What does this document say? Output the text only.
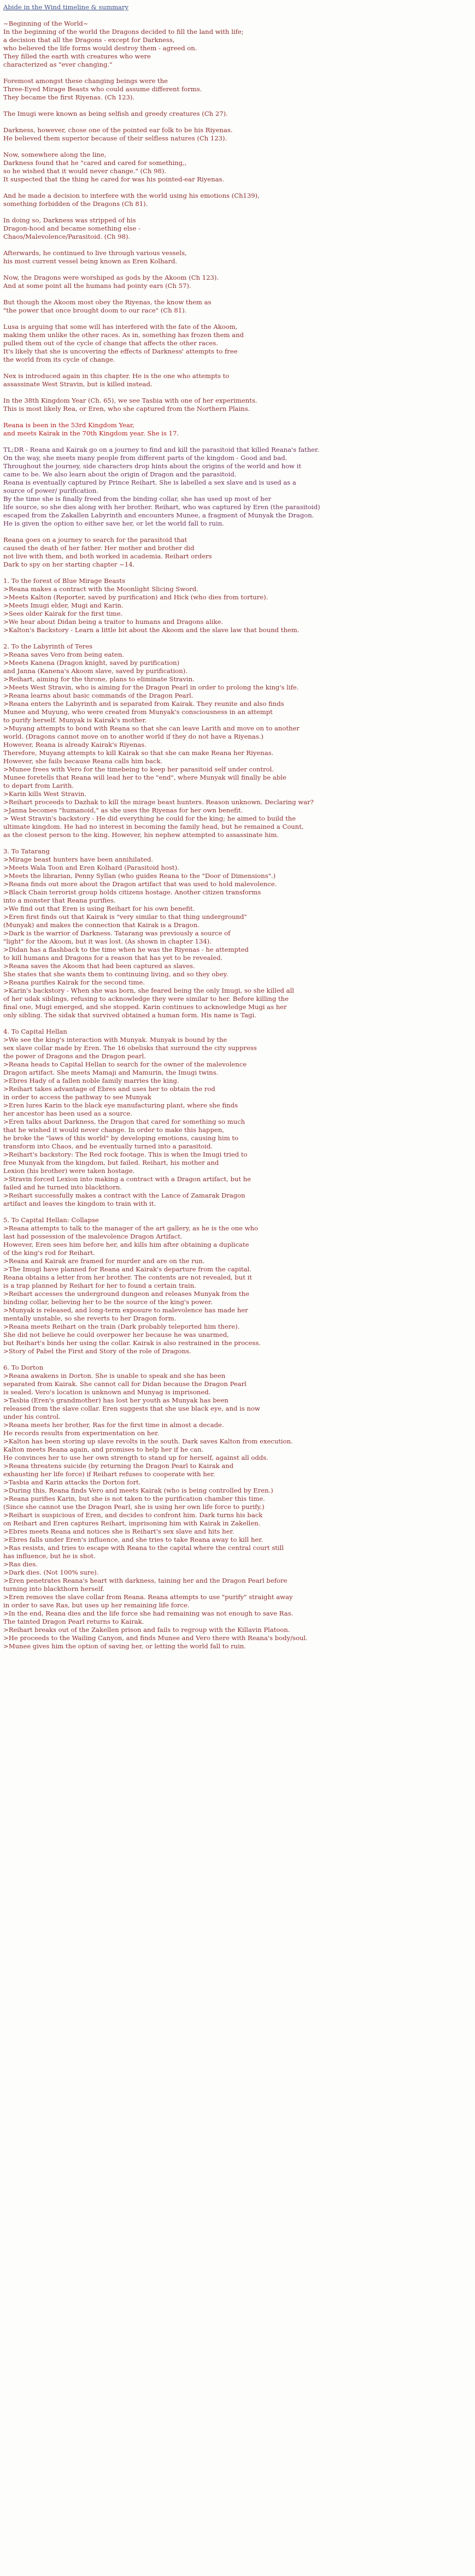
Abide in the Wind timeline & summary
~Beginning of the World~
In the beginning of the world the Dragons decided to fill the land with life;
a decision that all the Dragons - except for Darkness,
who believed the life forms would destroy them - agreed on.
They filled the earth with creatures who were
characterized as "ever changing."
Foremost amongst these changing beings were the
Three-Eyed Mirage Beasts who could assume different forms.
They became the first Riyenas. (Ch 123).
The Imugi were known as being selfish and greedy creatures (Ch 27).
Darkness, however, chose one of the pointed ear folk to be his Riyenas.
He believed them superior because of their selfless natures (Ch 123).
Now, somewhere along the line,
Darkness found that he "cared and cared for something,,
so he wished that it would never change." (Ch 98).
It suspected that the thing he cared for was his pointed-ear Riyenas.
And he made a decision to interfere with the world using his emotions (Ch139),
something forbidden of the Dragons (Ch 81).
In doing so, Darkness was stripped of his
Dragon-hood and became something else -
Chaos/Malevolence/Parasitoid. (Ch 98).
Afterwards, he continued to live through various vessels,
his most current vessel being known as Eren Kolhard.
Now, the Dragons were worshiped as gods by the Akoom (Ch 123).
And at some point all the humans had pointy ears (Ch 57).
But though the Akoom most obey the Riyenas, the know them as
"the power that once brought doom to our race" (Ch 81).
Lusa is arguing that some will has interfered with the fate of the Akoom,
making them unlike the other races. As in, something has frozen them and
pulled them out of the cycle of change that affects the other races.
It's likely that she is uncovering the effects of Darkness' attempts to free
the world from its cycle of change.
Nex is introduced again in this chapter. He is the one who attempts to
assassinate West Stravin, but is killed instead.
In the 38th Kingdom Year (Ch. 65), we see Tasbia with one of her experiments.
This is most likely Rea, or Eren, who she captured from the Northern Plains.
Reana is been in the 53rd Kingdom Year,
and meets Kairak in the 70th Kingdom year. She is 17.
TL;DR - Reana and Kairak go on a journey to find and kill the parasitoid that killed Reana's father.
On the way, she meets many people from different parts of the kingdom - Good and bad.
Throughout the journey, side characters drop hints about the origins of the world and how it
came to be. We also learn about the origin of Dragon and the parasitoid.
Reana is eventually captured by Prince Reihart. She is labelled a sex slave and is used as a
source of power/ purification.
By the time she is finally freed from the binding collar, she has used up most of her
life source, so she dies along with her brother. Reihart, who was captured by Eren (the parasitoid)
escaped from the Zakallen Labyrinth and encounters Munee, a fragment of Munyak the Dragon.
He is given the option to either save her, or let the world fall to ruin.
Reana goes on a journey to search for the parasitoid that
caused the death of her father. Her mother and brother did
not live with them, and both worked in academia. Reihart orders
Dark to spy on her starting chapter ~14.
1. To the forest of Blue Mirage Beasts
>Reana makes a contract with the Moonlight Slicing Sword.
>Meets Kalton (Reporter, saved by purification) and Hick (who dies from torture).
>Meets Imugi elder, Mugi and Karin.
>Sees older Kairak for the first time.
>We hear about Didan being a traitor to humans and Dragons alike.
>Kalton's Backstory - Learn a little bit about the Akoom and the slave law that bound them.
2. To the Labyrinth of Teres
>Reana saves Vero from being eaten.
>Meets Kanena (Dragon knight, saved by purification)
and Janna (Kanena's Akoom slave, saved by purification).
>Reihart, aiming for the throne, plans to eliminate Stravin.
>Meets West Stravin, who is aiming for the Dragon Pearl in order to prolong the king's life.
>Reana learns about basic commands of the Dragon Pearl.
>Reana enters the Labyrinth and is separated from Kairak. They reunite and also finds
Munee and Muyung, who were created from Munyak's consciousness in an attempt
to purify herself. Munyak is Kairak's mother.
>Muyang attempts to bond with Reana so that she can leave Larith and move on to another
world. (Dragons cannot move on to another world if they do not have a Riyenas.)
However, Reana is already Kairak's Riyenas.
Therefore, Muyang attempts to kill Kairak so that she can make Reana her Riyenas.
However, she fails because Reana calls him back.
>Munee frees with Vero for the timebeing to keep her parasitoid self under control.
Munee foretells that Reana will lead her to the "end", where Munyak will finally be able
to depart from Larith.
>Karin kills West Stravin.
>Reihart proceeds to Dazhak to kill the mirage beast hunters. Reason unknown. Declaring war?
>Janna becomes "humanoid," as she uses the Riyenas for her own benefit.
> West Stravin's backstory - He did everything he could for the king; he aimed to build the
ultimate kingdom. He had no interest in becoming the family head, but he remained a Count,
as the closest person to the king. However, his nephew attempted to assassinate him.
3. To Tatarang
>Mirage beast hunters have been annihilated.
>Meets Wala Toon and Eren Kolhard (Parasitoid host).
>Meets the librarian, Penny Syllan (who guides Reana to the "Door of Dimensions".)
>Reana finds out more about the Dragon artifact that was used to hold malevolence.
>Black Chain terrorist group holds citizens hostage. Another citizen transforms
into a monster that Reana purifies.
>We find out that Eren is using Reihart for his own benefit.
>Eren first finds out that Kairak is "very similar to that thing underground"
(Munyak) and makes the connection that Kairak is a Dragon.
>Dark is the warrior of Darkness. Tatarang was previously a source of
"light" for the Akoom, but it was lost. (As shown in chapter 134).
>Didan has a flashback to the time when he was the Riyenas - he attempted
to kill humans and Dragons for a reason that has yet to be revealed.
>Reana saves the Akoom that had been captured as slaves.
She states that she wants them to continuing living, and so they obey.
>Reana purifies Kairak for the second time.
>Karin's backstory - When she was born, she feared being the only Imugi, so she killed all
of her udak siblings, refusing to acknowledge they were similar to her. Before killing the
final one, Mugi emerged, and she stopped. Karin continues to acknowledge Mugi as her
only sibling. The sidak that survived obtained a human form. His name is Tagi.
4. To Capital Hellan
>We see the king's interaction with Munyak. Munyak is bound by the
sex slave collar made by Eren. The 16 obelisks that surround the city suppress
the power of Dragons and the Dragon pearl.
>Reana heads to Capital Hellan to search for the owner of the malevolence
Dragon artifact. She meets Mamaji and Mamurin, the Imugi twins.
>Ebres Hady of a fallen noble family marries the king.
>Reihart takes advantage of Ebres and uses her to obtain the rod
in order to access the pathway to see Munyak
>Eren lures Karin to the black eye manufacturing plant, where she finds
her ancestor has been used as a source.
>Eren talks about Darkness, the Dragon that cared for something so much
that he wished it would never change. In order to make this happen,
he broke the "laws of this world" by developing emotions, causing him to
transform into Chaos, and he eventually turned into a parasitoid.
>Reihart's backstory: The Red rock footage. This is when the Imugi tried to
free Munyak from the kingdom, but failed. Reihart, his mother and
Lexion (his brother) were taken hostage.
>Stravin forced Lexion into making a contract with a Dragon artifact, but he
failed and he turned into blackthorn.
>Reihart successfully makes a contract with the Lance of Zamarak Dragon
artifact and leaves the kingdom to train with it.
5. To Capital Hellan: Collapse
>Reana attempts to talk to the manager of the art gallery, as he is the one who
last had possession of the malevolence Dragon Artifact.
However, Eren sees him before her, and kills him after obtaining a duplicate
of the king's rod for Reihart.
>Reana and Kairak are framed for murder and are on the run.
>The Imugi have planned for Reana and Kairak's departure from the capital.
Reana obtains a letter from her brother. The contents are not revealed, but it
is a trap planned by Reihart for her to found a certain train.
>Reihart accesses the underground dungeon and releases Munyak from the
binding collar, believing her to be the source of the king's power.
>Munyak is released, and long-term exposure to malevolence has made her
mentally unstable, so she reverts to her Dragon form.
>Reana meets Reihart on the train (Dark probably teleported him there).
She did not believe he could overpower her because he was unarmed,
but Reihart's binds her using the collar. Kairak is also restrained in the process.
>Story of Pabel the First and Story of the role of Dragons.
6. To Dorton
>Reana awakens in Dorton. She is unable to speak and she has been
separated from Kairak. She cannot call for Didan because the Dragon Pearl
is sealed. Vero's location is unknown and Munyag is imprisoned.
>Tasbia (Eren's grandmother) has lost her youth as Munyak has been
released from the slave collar. Eren suggests that she use black eye, and is now
under his control.
>Reana meets her brother, Ras for the first time in almost a decade.
He records results from experimentation on her.
>Kalton has been storing up slave revolts in the south. Dark saves Kalton from execution.
Kalton meets Reana again, and promises to help her if he can.
He convinces her to use her own strength to stand up for herself, against all odds.
>Reana threatens suicide (by returning the Dragon Pearl to Kairak and
exhausting her life force) if Reihart refuses to cooperate with her.
>Tasbia and Karin attacks the Dorton fort.
>During this, Reana finds Vero and meets Kairak (who is being controlled by Eren.)
>Reana purifies Karin, but she is not taken to the purification chamber this time.
(Since she cannot use the Dragon Pearl, she is using her own life force to purify.)
>Reihart is suspicious of Eren, and decides to confront him. Dark turns his back
on Reihart and Eren captures Reihart, imprisoning him with Kairak in Zakellen.
>Ebres meets Reana and notices she is Reihart's sex slave and hits her.
>Ebres falls under Eren's influence, and she tries to take Reana away to kill her.
>Ras resists, and tries to escape with Reana to the capital where the central court still
has influence, but he is shot.
>Ras dies.
>Dark dies. (Not 100% sure).
>Eren penetrates Reana's heart with darkness, taining her and the Dragon Pearl before
turning into blackthorn herself.
>Eren removes the slave collar from Reana. Reana attempts to use "purify" straight away
in order to save Ras, but uses up her remaining life force.
>In the end, Reana dies and the life force she had remaining was not enough to save Ras.
The tainted Dragon Pearl returns to Kairak.
>Reihart breaks out of the Zakellen prison and fails to regroup with the Killavin Platoon.
>He proceeds to the Wailing Canyon, and finds Munee and Vero there with Reana's body/soul.
>Munee gives him the option of saving her, or letting the world fall to ruin.
